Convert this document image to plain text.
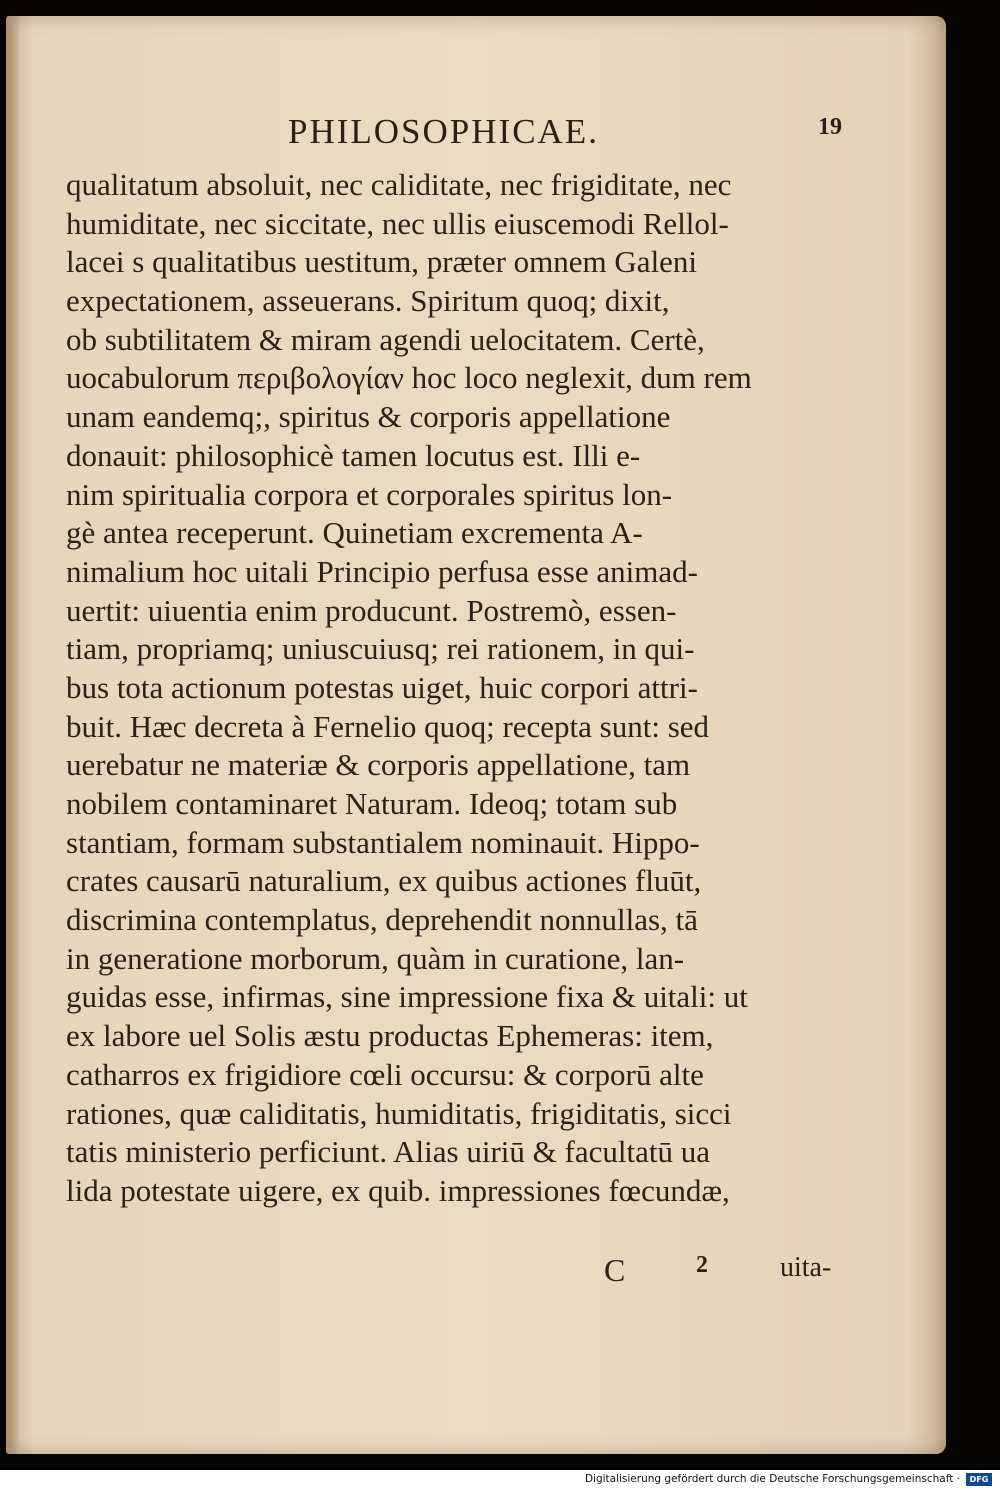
PHILOSOPHICAE.	19
qualitatum absoluit, nec caliditate, nec frigiditate, nec
humiditate, nec siccitate, nec ullis eiuscemodi Rellol-
lacei s qualitatibus uestitum, præter omnem Galeni
expectationem, asseuerans. Spiritum quoq; dixit,
ob subtilitatem & miram agendi uelocitatem. Certè,
uocabulorum περιβολογίαν hoc loco neglexit, dum rem
unam eandemq;, spiritus & corporis appellatione
donauit: philosophicè tamen locutus est. Illi e-
nim spiritualia corpora et corporales spiritus lon-
gè antea receperunt. Quinetiam excrementa A-
nimalium hoc uitali Principio perfusa esse animad-
uertit: uiuentia enim producunt. Postremò, essen-
tiam, propriamq; uniuscuiusq; rei rationem, in qui-
bus tota actionum potestas uiget, huic corpori attri-
buit. Hæc decreta à Fernelio quoq; recepta sunt: sed
uerebatur ne materiæ & corporis appellatione, tam
nobilem contaminaret Naturam. Ideoq; totam sub
stantiam, formam substantialem nominauit. Hippo-
crates causarū naturalium, ex quibus actiones fluūt,
discrimina contemplatus, deprehendit nonnullas, tā
in generatione morborum, quàm in curatione, lan-
guidas esse, infirmas, sine impressione fixa & uitali: ut
ex labore uel Solis æstu productas Ephemeras: item,
catharros ex frigidiore cœli occursu: & corporū alte
rationes, quæ caliditatis, humiditatis, frigiditatis, sicci
tatis ministerio perficiunt. Alias uiriū & facultatū ua
lida potestate uigere, ex quib. impressiones fœcundæ,
C	2	uita-
Digitalisierung gefördert durch die Deutsche Forschungsgemeinschaft ·	DFG
